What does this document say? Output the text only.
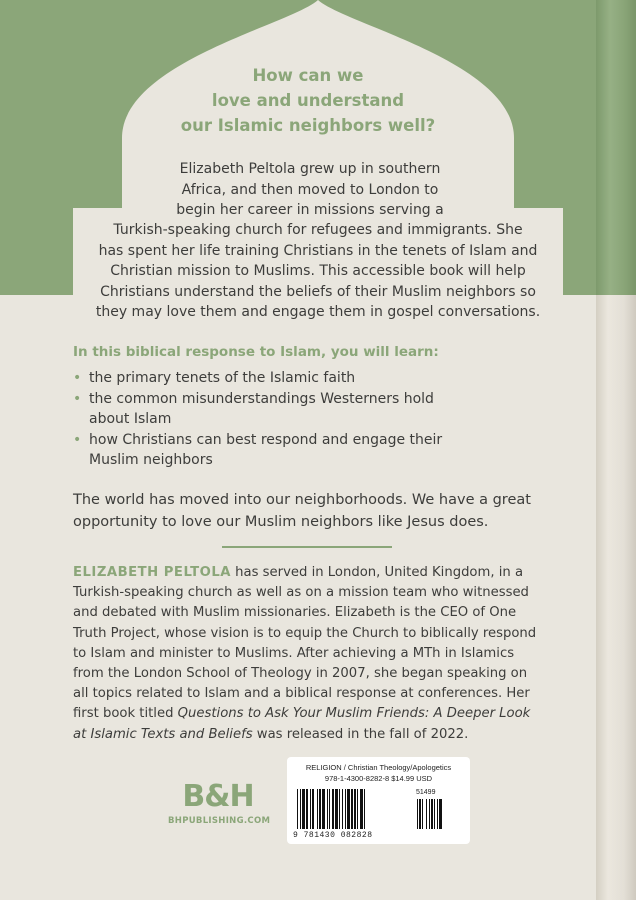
How can we
love and understand
our Islamic neighbors well?
Elizabeth Peltola grew up in southern
Africa, and then moved to London to
begin her career in missions serving a
Turkish-speaking church for refugees and immigrants. She
has spent her life training Christians in the tenets of Islam and
Christian mission to Muslims. This accessible book will help
Christians understand the beliefs of their Muslim neighbors so
they may love them and engage them in gospel conversations.
In this biblical response to Islam, you will learn:
• the primary tenets of the Islamic faith
• the common misunderstandings Westerners hold
about Islam
• how Christians can best respond and engage their
Muslim neighbors
The world has moved into our neighborhoods. We have a great
opportunity to love our Muslim neighbors like Jesus does.
ELIZABETH PELTOLA has served in London, United Kingdom, in a
Turkish-speaking church as well as on a mission team who witnessed
and debated with Muslim missionaries. Elizabeth is the CEO of One
Truth Project, whose vision is to equip the Church to biblically respond
to Islam and minister to Muslims. After achieving a MTh in Islamics
from the London School of Theology in 2007, she began speaking on
all topics related to Islam and a biblical response at conferences. Her
first book titled Questions to Ask Your Muslim Friends: A Deeper Look
at Islamic Texts and Beliefs was released in the fall of 2022.
B&H
BHPUBLISHING.COM
RELIGION / Christian Theology/Apologetics
978-1-4300-8282-8 $14.99 USD
51499
9 781430 082828
